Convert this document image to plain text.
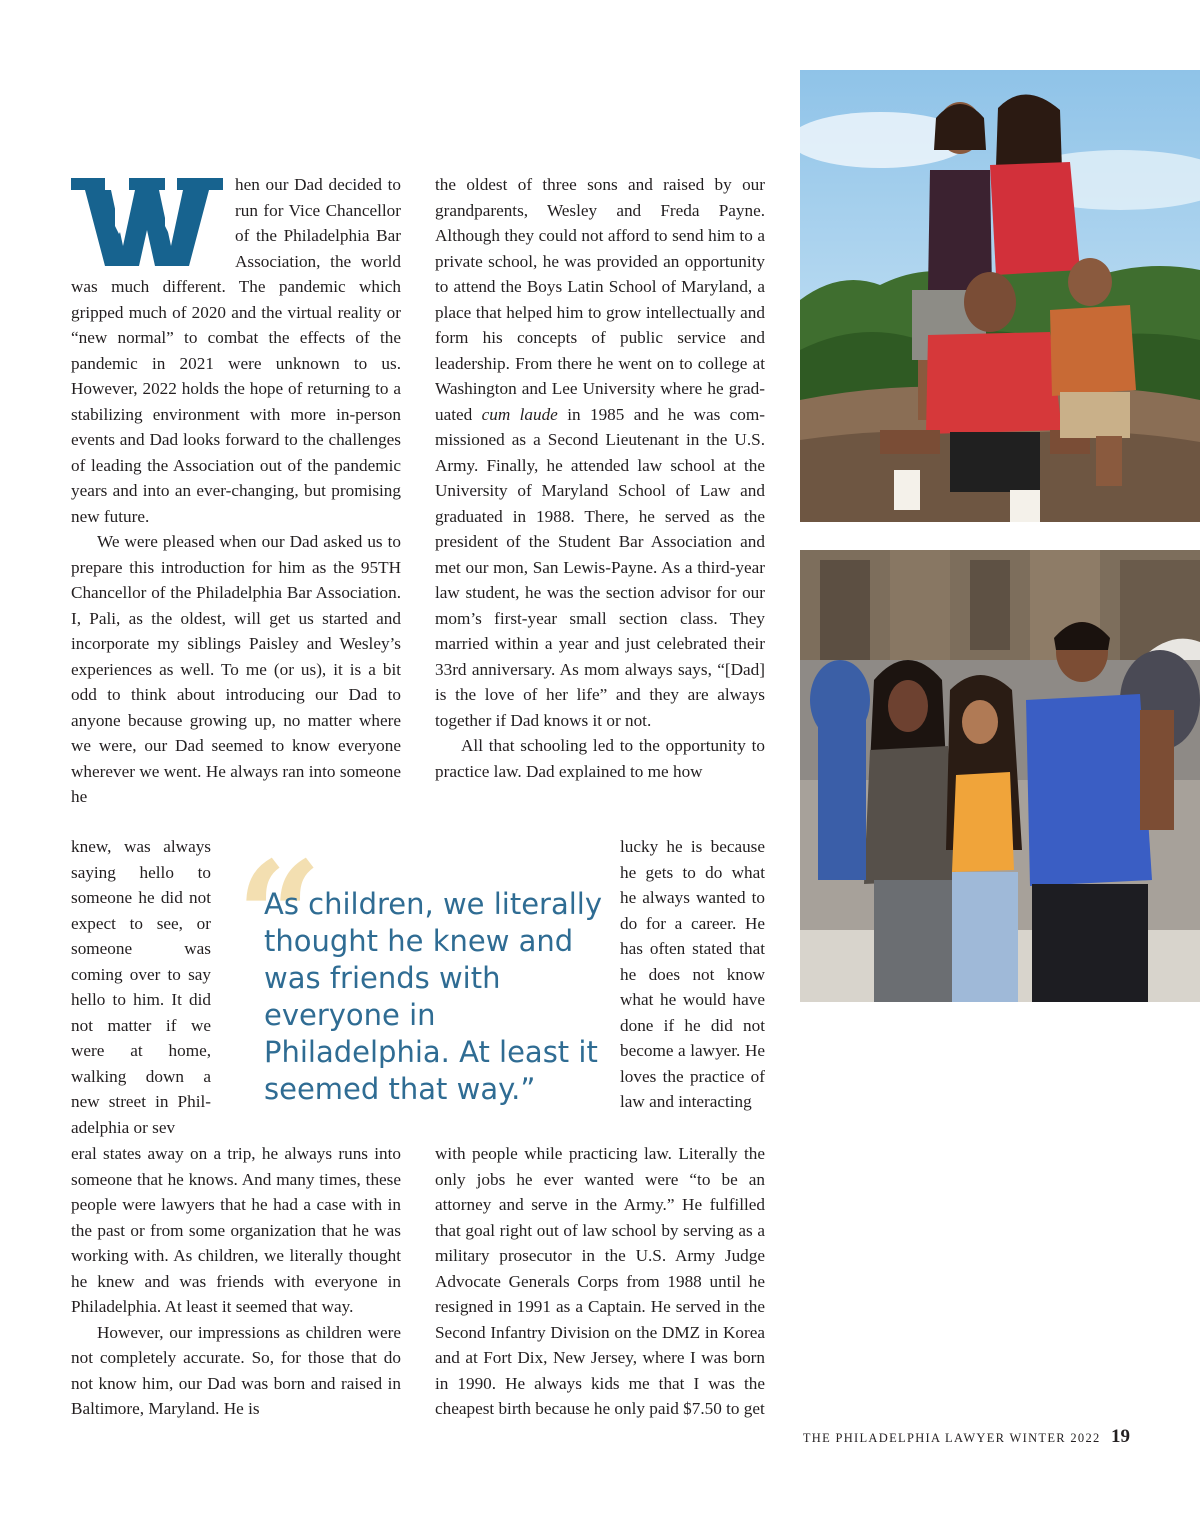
hen our Dad decided to run for Vice Chancellor of the Philadelphia Bar Association, the world was much different. The pandemic which gripped much of 2020 and the virtual reality or “new normal” to combat the effects of the pandemic in 2021 were unknown to us. However, 2022 holds the hope of returning to a stabilizing environment with more in-person events and Dad looks forward to the challenges of leading the Association out of the pandemic years and into an ever-changing, but promising new future.

We were pleased when our Dad asked us to prepare this introduction for him as the 95TH Chancellor of the Philadelphia Bar Association. I, Pali, as the oldest, will get us started and incorporate my siblings Paisley and Wesley’s experiences as well. To me (or us), it is a bit odd to think about introducing our Dad to anyone because growing up, no matter where we were, our Dad seemed to know everyone wherever we went. He always ran into someone he

knew, was always saying hello to someone he did not expect to see, or someone was coming over to say hello to him. It did not matter if we were at home, walking down a new street in Philadelphia or sev

eral states away on a trip, he always runs into someone that he knows. And many times, these people were lawyers that he had a case with in the past or from some organization that he was working with. As children, we literally thought he knew and was friends with everyone in Philadelphia. At least it seemed that way.

However, our impressions as children were not completely accurate. So, for those that do not know him, our Dad was born and raised in Baltimore, Maryland. He is

the oldest of three sons and raised by our grandparents, Wesley and Freda Payne. Although they could not afford to send him to a private school, he was provided an opportunity to attend the Boys Latin School of Maryland, a place that helped him to grow intellectually and form his concepts of public service and leadership. From there he went on to college at Washington and Lee University where he graduated cum laude in 1985 and he was commissioned as a Second Lieutenant in the U.S. Army. Finally, he attended law school at the University of Maryland School of Law and graduated in 1988. There, he served as the president of the Student Bar Association and met our mon, San Lewis-Payne. As a third-year law student, he was the section advisor for our mom’s first-year small section class. They married within a year and just celebrated their 33rd anniversary. As mom always says, “[Dad] is the love of her life” and they are always together if Dad knows it or not.

All that schooling led to the opportunity to practice law. Dad explained to me how

lucky he is because he gets to do what he always wanted to do for a career. He has often stated that he does not know what he would have done if he did not become a lawyer. He loves the practice of law and interacting

with people while practicing law. Literally the only jobs he ever wanted were “to be an attorney and serve in the Army.” He fulfilled that goal right out of law school by serving as a military prosecutor in the U.S. Army Judge Advocate Generals Corps from 1988 until he resigned in 1991 as a Captain. He served in the Second Infantry Division on the DMZ in Korea and at Fort Dix, New Jersey, where I was born in 1990. He always kids me that I was the cheapest birth because he only paid $7.50 to get

“
As children, we literally thought he knew and was friends with everyone in Philadelphia. At least it seemed that way.”
THE PHILADELPHIA LAWYER WINTER 2022 19
